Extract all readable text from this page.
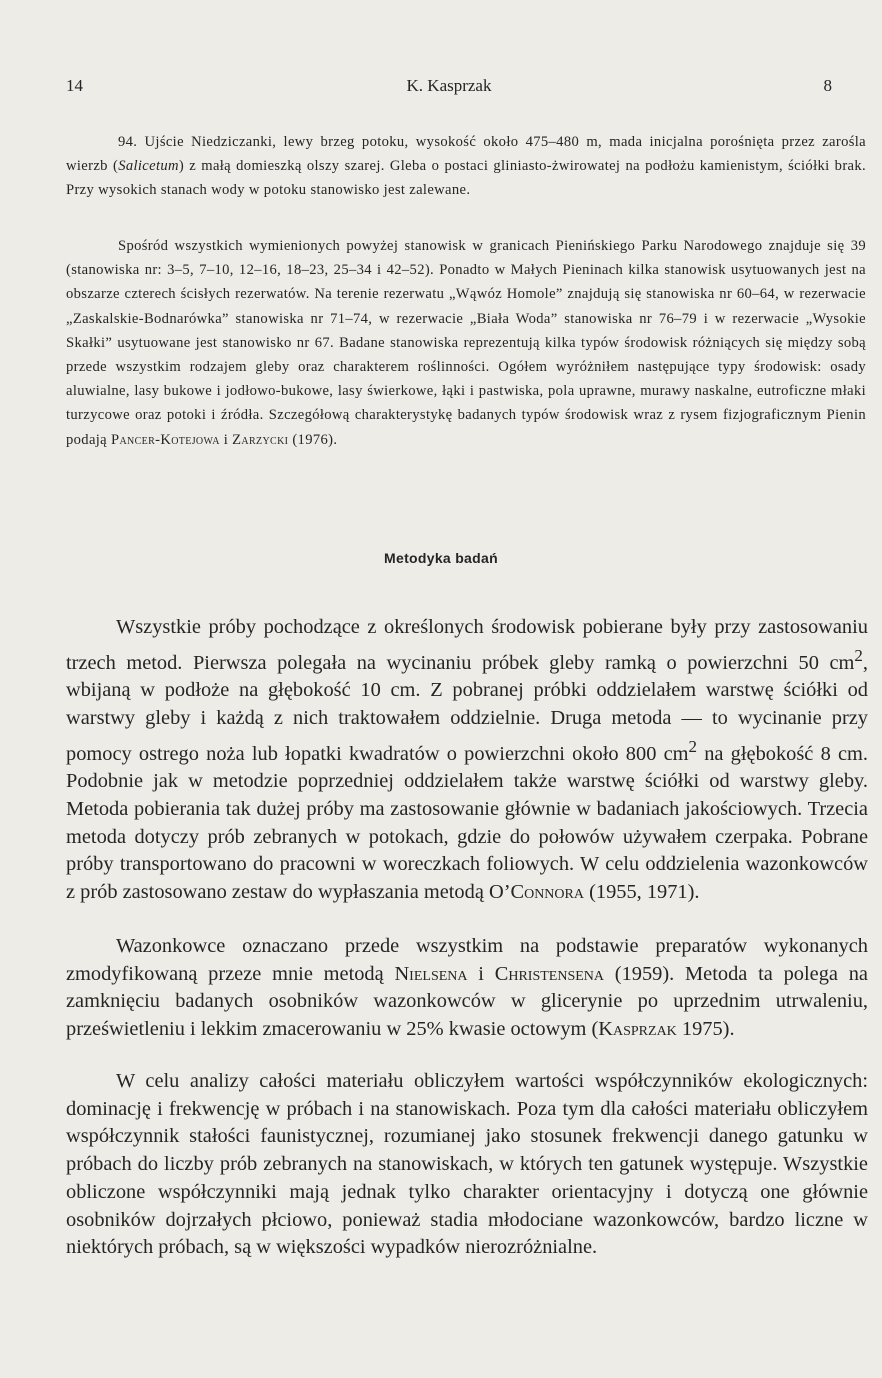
14	K. Kasprzak	8

94. Ujście Niedziczanki, lewy brzeg potoku, wysokość około 475–480 m, mada inicjalna porośnięta przez zarośla wierzb (Salicetum) z małą domieszką olszy szarej. Gleba o postaci gliniasto-żwirowatej na podłożu kamienistym, ściółki brak. Przy wysokich stanach wody w potoku stanowisko jest zalewane.

Spośród wszystkich wymienionych powyżej stanowisk w granicach Pienińskiego Parku Narodowego znajduje się 39 (stanowiska nr: 3–5, 7–10, 12–16, 18–23, 25–34 i 42–52). Ponadto w Małych Pieninach kilka stanowisk usytuowanych jest na obszarze czterech ścisłych rezerwatów. Na terenie rezerwatu „Wąwóz Homole” znajdują się stanowiska nr 60–64, w rezerwacie „Zaskalskie-Bodnarówka” stanowiska nr 71–74, w rezerwacie „Biała Woda” stanowiska nr 76–79 i w rezerwacie „Wysokie Skałki” usytuowane jest stanowisko nr 67. Badane stanowiska reprezentują kilka typów środowisk różniących się między sobą przede wszystkim rodzajem gleby oraz charakterem roślinności. Ogółem wyróżniłem następujące typy środowisk: osady aluwialne, lasy bukowe i jodłowo-bukowe, lasy świerkowe, łąki i pastwiska, pola uprawne, murawy naskalne, eutroficzne młaki turzycowe oraz potoki i źródła. Szczegółową charakterystykę badanych typów środowisk wraz z rysem fizjograficznym Pienin podają Pancer-Kotejowa i Zarzycki (1976).

Metodyka badań

Wszystkie próby pochodzące z określonych środowisk pobierane były przy zastosowaniu trzech metod. Pierwsza polegała na wycinaniu próbek gleby ramką o powierzchni 50 $cm^2$, wbijaną w podłoże na głębokość 10 cm. Z pobranej próbki oddzielałem warstwę ściółki od warstwy gleby i każdą z nich traktowałem oddzielnie. Druga metoda — to wycinanie przy pomocy ostrego noża lub łopatki kwadratów o powierzchni około 800 $cm^2$ na głębokość 8 cm. Podobnie jak w metodzie poprzedniej oddzielałem także warstwę ściółki od warstwy gleby. Metoda pobierania tak dużej próby ma zastosowanie głównie w badaniach jakościowych. Trzecia metoda dotyczy prób zebranych w potokach, gdzie do połowów używałem czerpaka. Pobrane próby transportowano do pracowni w woreczkach foliowych. W celu oddzielenia wazonkowców z prób zastosowano zestaw do wypłaszania metodą O’Connora (1955, 1971).

Wazonkowce oznaczano przede wszystkim na podstawie preparatów wykonanych zmodyfikowaną przeze mnie metodą Nielsena i Christensena (1959). Metoda ta polega na zamknięciu badanych osobników wazonkowców w glicerynie po uprzednim utrwaleniu, prześwietleniu i lekkim zmacerowaniu w 25% kwasie octowym (Kasprzak 1975).

W celu analizy całości materiału obliczyłem wartości współczynników ekologicznych: dominację i frekwencję w próbach i na stanowiskach. Poza tym dla całości materiału obliczyłem współczynnik stałości faunistycznej, rozumianej jako stosunek frekwencji danego gatunku w próbach do liczby prób zebranych na stanowiskach, w których ten gatunek występuje. Wszystkie obliczone współczynniki mają jednak tylko charakter orientacyjny i dotyczą one głównie osobników dojrzałych płciowo, ponieważ stadia młodociane wazonkowców, bardzo liczne w niektórych próbach, są w większości wypadków nierozróżnialne.
